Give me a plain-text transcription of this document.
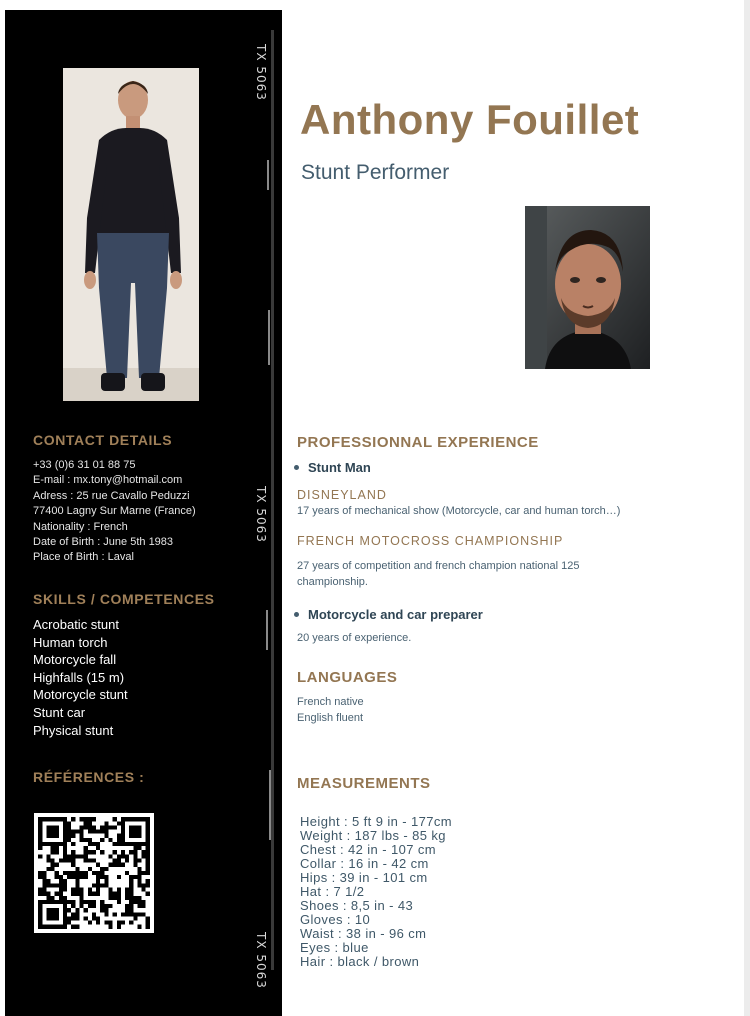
TX 5063
TX 5063
TX 5063
CONTACT DETAILS
+33 (0)6 31 01 88 75
E-mail : mx.tony@hotmail.com
Adress : 25 rue Cavallo Peduzzi
77400 Lagny Sur Marne (France)
Nationality : French
Date of Birth : June 5th 1983
Place of Birth : Laval
SKILLS / COMPETENCES
Acrobatic stunt
Human torch
Motorcycle fall
Highfalls (15 m)
Motorcycle stunt
Stunt car
Physical stunt
RÉFÉRENCES :
Anthony Fouillet
Stunt Performer
PROFESSIONNAL EXPERIENCE
Stunt Man
DISNEYLAND
17 years of mechanical show (Motorcycle, car and human torch…)
FRENCH MOTOCROSS CHAMPIONSHIP
27 years of competition and french champion national 125 championship.
Motorcycle and car preparer
20 years of experience.
LANGUAGES
French native
English fluent
MEASUREMENTS
Height : 5 ft 9 in - 177cm
Weight : 187 lbs - 85 kg
Chest : 42 in - 107 cm
Collar : 16 in - 42 cm
Hips : 39 in - 101 cm
Hat : 7 1/2
Shoes : 8,5 in - 43
Gloves : 10
Waist : 38 in - 96 cm
Eyes : blue
Hair : black / brown
